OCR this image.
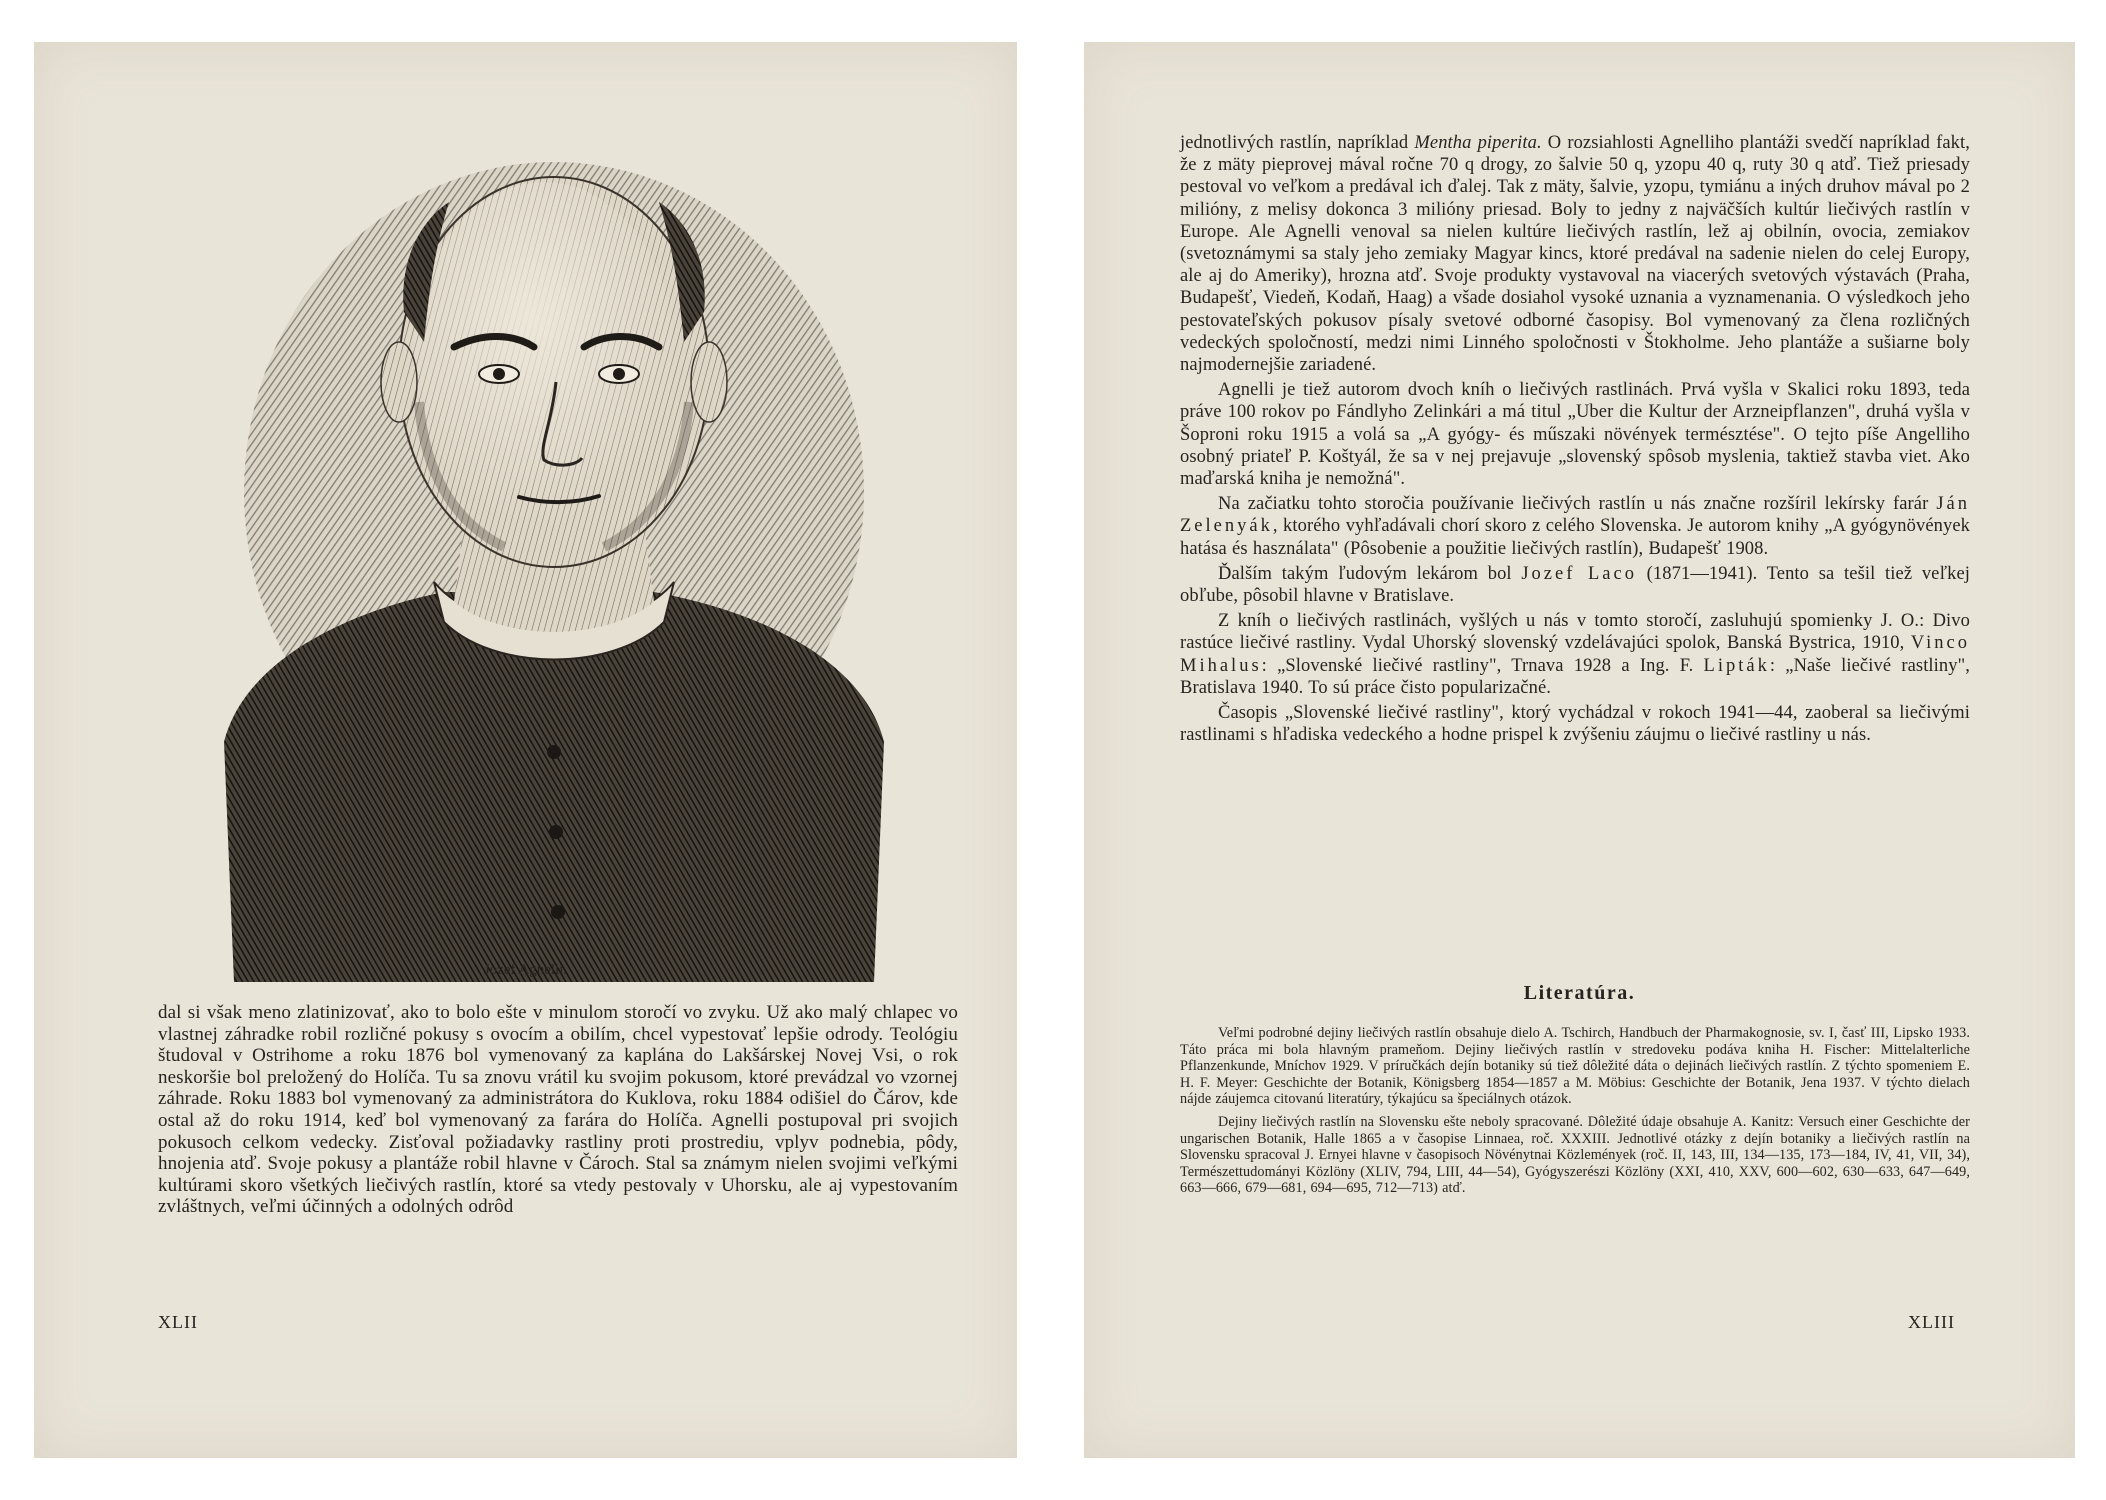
Jozef Agnelli.

dal si však meno zlatinizovať, ako to bolo ešte v minulom storočí vo zvyku. Už ako malý chlapec vo vlastnej záhradke robil rozličné pokusy s ovocím a obilím, chcel vypestovať lepšie odrody. Teológiu študoval v Ostrihome a roku 1876 bol vymenovaný za kaplána do Lakšárskej Novej Vsi, o rok neskoršie bol preložený do Holíča. Tu sa znovu vrátil ku svojim pokusom, ktoré prevádzal vo vzornej záhrade. Roku 1883 bol vymenovaný za administrátora do Kuklova, roku 1884 odišiel do Čárov, kde ostal až do roku 1914, keď bol vymenovaný za farára do Holíča. Agnelli postupoval pri svojich pokusoch celkom vedecky. Zisťoval požiadavky rastliny proti prostrediu, vplyv podnebia, pôdy, hnojenia atď. Svoje pokusy a plantáže robil hlavne v Čároch. Stal sa známym nielen svojimi veľkými kultúrami skoro všetkých liečivých rastlín, ktoré sa vtedy pestovaly v Uhorsku, ale aj vypestovaním zvláštnych, veľmi účinných a odolných odrôd

XLII

jednotlivých rastlín, napríklad Mentha piperita. O rozsiahlosti Agnelliho plantáži svedčí napríklad fakt, že z mäty pieprovej mával ročne 70 q drogy, zo šalvie 50 q, yzopu 40 q, ruty 30 q atď. Tiež priesady pestoval vo veľkom a predával ich ďalej. Tak z mäty, šalvie, yzopu, tymiánu a iných druhov mával po 2 milióny, z melisy dokonca 3 milióny priesad. Boly to jedny z najväčších kultúr liečivých rastlín v Europe. Ale Agnelli venoval sa nielen kultúre liečivých rastlín, lež aj obilnín, ovocia, zemiakov (svetoznámymi sa staly jeho zemiaky Magyar kincs, ktoré predával na sadenie nielen do celej Europy, ale aj do Ameriky), hrozna atď. Svoje produkty vystavoval na viacerých svetových výstavách (Praha, Budapešť, Viedeň, Kodaň, Haag) a všade dosiahol vysoké uznania a vyznamenania. O výsledkoch jeho pestovateľských pokusov písaly svetové odborné časopisy. Bol vymenovaný za člena rozličných vedeckých spoločností, medzi nimi Linného spoločnosti v Štokholme. Jeho plantáže a sušiarne boly najmodernejšie zariadené.

Agnelli je tiež autorom dvoch kníh o liečivých rastlinách. Prvá vyšla v Skalici roku 1893, teda práve 100 rokov po Fándlyho Zelinkári a má titul „Uber die Kultur der Arzneipflanzen", druhá vyšla v Šoproni roku 1915 a volá sa „A gyógy- és műszaki növények természtése". O tejto píše Angelliho osobný priateľ P. Koštyál, že sa v nej prejavuje „slovenský spôsob myslenia, taktiež stavba viet. Ako maďarská kniha je nemožná".

Na začiatku tohto storočia používanie liečivých rastlín u nás značne rozšíril lekírsky farár Ján Zelenyák, ktorého vyhľadávali chorí skoro z celého Slovenska. Je autorom knihy „A gyógynövények hatása és használata" (Pôsobenie a použitie liečivých rastlín), Budapešť 1908.

Ďalším takým ľudovým lekárom bol Jozef Laco (1871—1941). Tento sa tešil tiež veľkej obľube, pôsobil hlavne v Bratislave.

Z kníh o liečivých rastlinách, vyšlých u nás v tomto storočí, zasluhujú spomienky J. O.: Divo rastúce liečivé rastliny. Vydal Uhorský slovenský vzdelávajúci spolok, Banská Bystrica, 1910, Vinco Mihalus: „Slovenské liečivé rastliny", Trnava 1928 a Ing. F. Lipták: „Naše liečivé rastliny", Bratislava 1940. To sú práce čisto popularizačné.

Časopis „Slovenské liečivé rastliny", ktorý vychádzal v rokoch 1941—44, zaoberal sa liečivými rastlinami s hľadiska vedeckého a hodne prispel k zvýšeniu záujmu o liečivé rastliny u nás.

Literatúra.

Veľmi podrobné dejiny liečivých rastlín obsahuje dielo A. Tschirch, Handbuch der Pharmakognosie, sv. I, časť III, Lipsko 1933. Táto práca mi bola hlavným prameňom. Dejiny liečivých rastlín v stredoveku podáva kniha H. Fischer: Mittelalterliche Pflanzenkunde, Mníchov 1929. V príručkách dejín botaniky sú tiež dôležité dáta o dejinách liečivých rastlín. Z týchto spomeniem E. H. F. Meyer: Geschichte der Botanik, Königsberg 1854—1857 a M. Möbius: Geschichte der Botanik, Jena 1937. V týchto dielach nájde záujemca citovanú literatúry, týkajúcu sa špeciálnych otázok.

Dejiny liečivých rastlín na Slovensku ešte neboly spracované. Dôležité údaje obsahuje A. Kanitz: Versuch einer Geschichte der ungarischen Botanik, Halle 1865 a v časopise Linnaea, roč. XXXIII. Jednotlivé otázky z dejín botaniky a liečivých rastlín na Slovensku spracoval J. Ernyei hlavne v časopisoch Növénytnai Közlemények (roč. II, 143, III, 134—135, 173—184, IV, 41, VII, 34), Természettudományi Közlöny (XLIV, 794, LIII, 44—54), Gyógyszerészi Közlöny (XXI, 410, XXV, 600—602, 630—633, 647—649, 663—666, 679—681, 694—695, 712—713) atď.

XLIII
